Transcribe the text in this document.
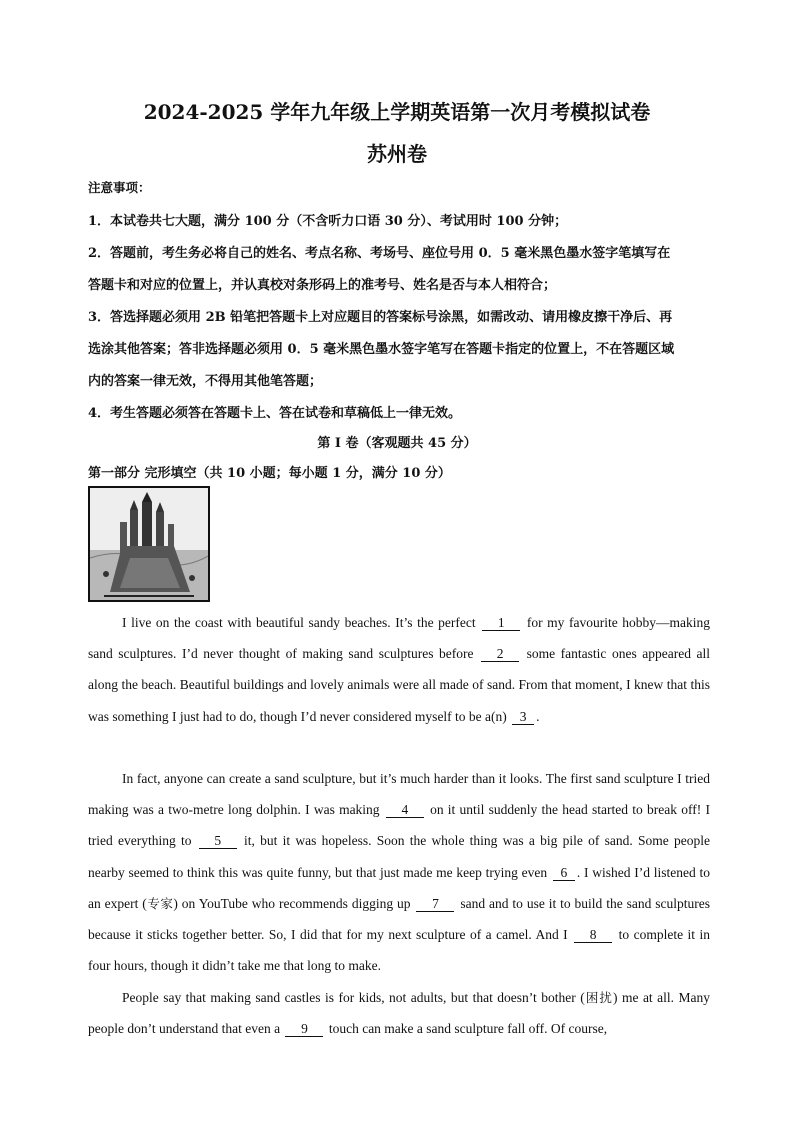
2024-2025 学年九年级上学期英语第一次月考模拟试卷
苏州卷
注意事项：
1．本试卷共七大题，满分 100 分（不含听力口语 30 分）、考试用时 100 分钟；
2．答题前，考生务必将自己的姓名、考点名称、考场号、座位号用 0．5 毫米黑色墨水签字笔填写在
答题卡和对应的位置上，并认真校对条形码上的准考号、姓名是否与本人相符合；
3．答选择题必须用 2B 铅笔把答题卡上对应题目的答案标号涂黑，如需改动、请用橡皮擦干净后、再
选涂其他答案；答非选择题必须用 0．5 毫米黑色墨水签字笔写在答题卡指定的位置上，不在答题区域
内的答案一律无效，不得用其他笔答题；
4．考生答题必须答在答题卡上、答在试卷和草稿低上一律无效。
第 I 卷（客观题共 45 分）
第一部分 完形填空（共 10 小题；每小题 1 分，满分 10 分）
I live on the coast with beautiful sandy beaches. It’s the perfect 1 for my favourite hobby—making sand sculptures. I’d never thought of making sand sculptures before 2 some fantastic ones appeared all along the beach. Beautiful buildings and lovely animals were all made of sand. From that moment, I knew that this was something I just had to do, though I’d never considered myself to be a(n) 3 .
In fact, anyone can create a sand sculpture, but it’s much harder than it looks. The first sand sculpture I tried making was a two-metre long dolphin. I was making 4 on it until suddenly the head started to break off! I tried everything to 5 it, but it was hopeless. Soon the whole thing was a big pile of sand. Some people nearby seemed to think this was quite funny, but that just made me keep trying even 6 . I wished I’d listened to an expert (专家) on YouTube who recommends digging up 7 sand and to use it to build the sand sculptures because it sticks together better. So, I did that for my next sculpture of a camel. And I 8 to complete it in four hours, though it didn’t take me that long to make.
People say that making sand castles is for kids, not adults, but that doesn’t bother (困扰) me at all. Many people don’t understand that even a 9 touch can make a sand sculpture fall off. Of course,
